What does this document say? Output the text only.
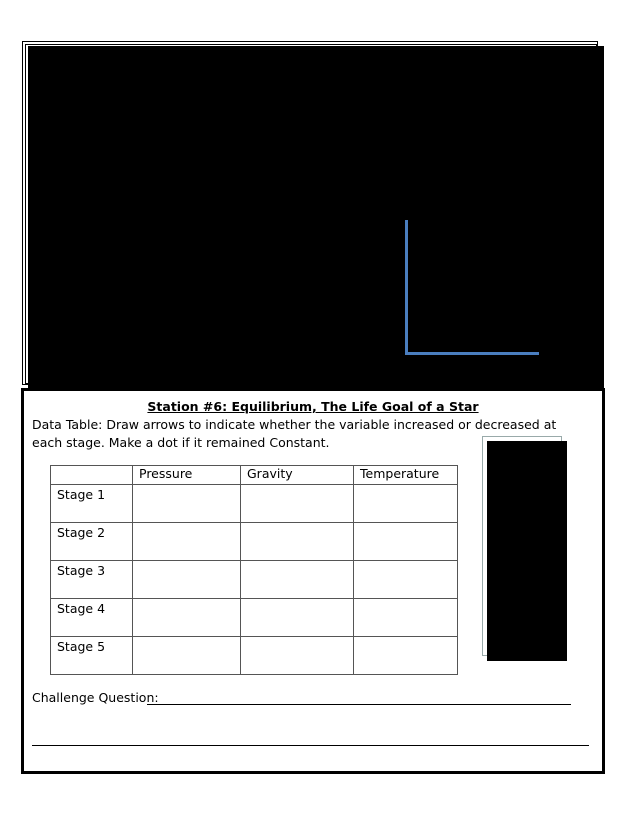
Station #6: Equilibrium, The Life Goal of a Star
Data Table: Draw arrows to indicate whether the variable increased or decreased at each stage. Make a dot if it remained Constant.
	Pressure	Gravity	Temperature
Stage 1			
Stage 2			
Stage 3			
Stage 4			
Stage 5			
Challenge Question:
